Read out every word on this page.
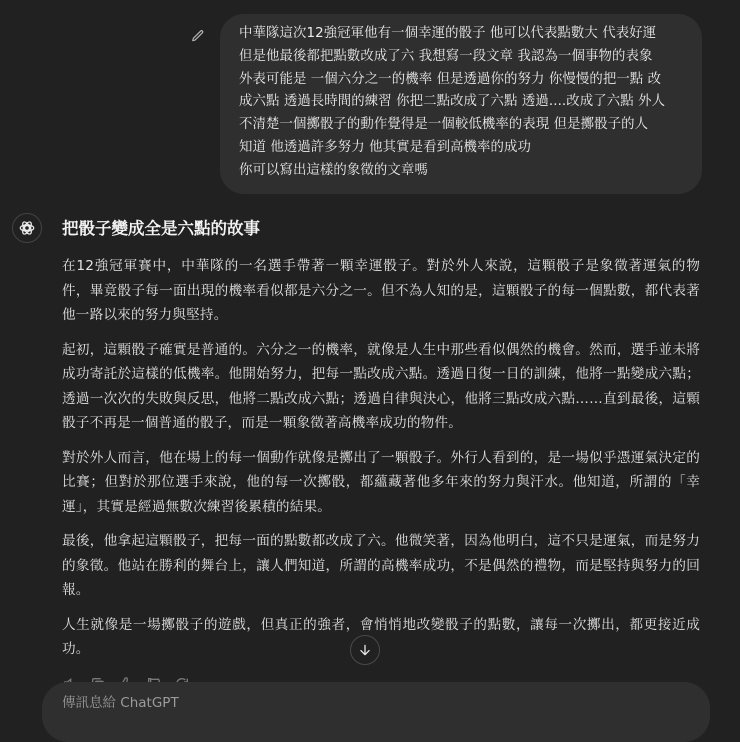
中華隊這次12強冠軍他有一個幸運的骰子 他可以代表點數大 代表好運
但是他最後都把點數改成了六 我想寫一段文章 我認為一個事物的表象
外表可能是 一個六分之一的機率 但是透過你的努力 你慢慢的把一點 改
成六點 透過長時間的練習 你把二點改成了六點 透過....改成了六點 外人
不清楚一個擲骰子的動作覺得是一個較低機率的表現 但是擲骰子的人
知道 他透過許多努力 他其實是看到高機率的成功
你可以寫出這樣的象徵的文章嗎
把骰子變成全是六點的故事

在12強冠軍賽中，中華隊的一名選手帶著一顆幸運骰子。對於外人來說，這顆骰子是象徵著運氣的物件，畢竟骰子每一面出現的機率看似都是六分之一。但不為人知的是，這顆骰子的每一個點數，都代表著他一路以來的努力與堅持。

起初，這顆骰子確實是普通的。六分之一的機率，就像是人生中那些看似偶然的機會。然而，選手並未將成功寄託於這樣的低機率。他開始努力，把每一點改成六點。透過日復一日的訓練，他將一點變成六點；透過一次次的失敗與反思，他將二點改成六點；透過自律與決心，他將三點改成六點……直到最後，這顆骰子不再是一個普通的骰子，而是一顆象徵著高機率成功的物件。

對於外人而言，他在場上的每一個動作就像是擲出了一顆骰子。外行人看到的，是一場似乎憑運氣決定的比賽；但對於那位選手來說，他的每一次擲骰，都蘊藏著他多年來的努力與汗水。他知道，所謂的「幸運」，其實是經過無數次練習後累積的結果。

最後，他拿起這顆骰子，把每一面的點數都改成了六。他微笑著，因為他明白，這不只是運氣，而是努力的象徵。他站在勝利的舞台上，讓人們知道，所謂的高機率成功，不是偶然的禮物，而是堅持與努力的回報。

人生就像是一場擲骰子的遊戲，但真正的強者，會悄悄地改變骰子的點數，讓每一次擲出，都更接近成功。

傳訊息給 ChatGPT
